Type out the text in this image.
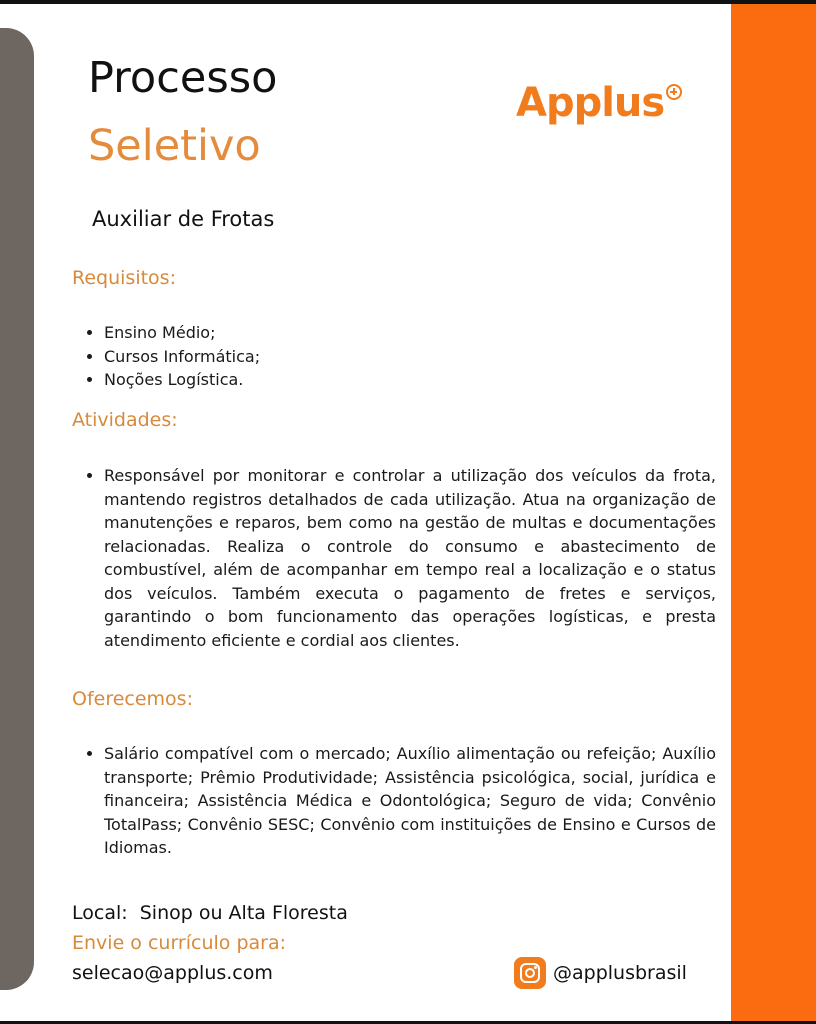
Processo
Seletivo
Applus
Auxiliar de Frotas
Requisitos:
• Ensino Médio;
• Cursos Informática;
• Noções Logística.
Atividades:
• Responsável por monitorar e controlar a utilização dos veículos da frota, mantendo registros detalhados de cada utilização. Atua na organização de manutenções e reparos, bem como na gestão de multas e documentações relacionadas. Realiza o controle do consumo e abastecimento de combustível, além de acompanhar em tempo real a localização e o status dos veículos. Também executa o pagamento de fretes e serviços, garantindo o bom funcionamento das operações logísticas, e presta atendimento eficiente e cordial aos clientes.
Oferecemos:
• Salário compatível com o mercado; Auxílio alimentação ou refeição; Auxílio transporte; Prêmio Produtividade; Assistência psicológica, social, jurídica e financeira; Assistência Médica e Odontológica; Seguro de vida; Convênio TotalPass; Convênio SESC; Convênio com instituições de Ensino e Cursos de Idiomas.
Local:  Sinop ou Alta Floresta
Envie o currículo para:
selecao@applus.com	@applusbrasil
